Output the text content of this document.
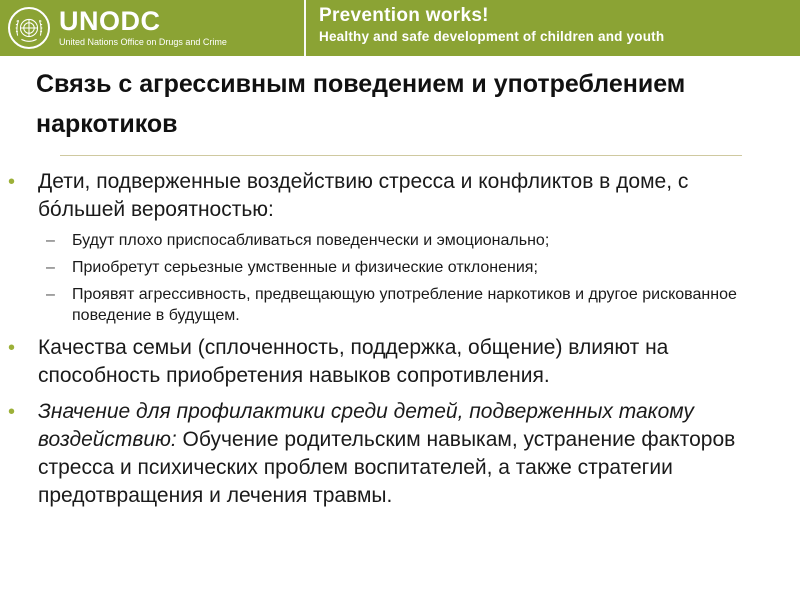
UNODC
United Nations Office on Drugs and Crime
Prevention works!
Healthy and safe development of children and youth
Связь с агрессивным поведением и употреблением наркотиков
• Дети, подверженные воздействию стресса и конфликтов в доме, с бóльшей вероятностью:
– Будут плохо приспосабливаться поведенчески и эмоционально;
– Приобретут серьезные умственные и физические отклонения;
– Проявят агрессивность, предвещающую употребление наркотиков и другое рискованное поведение в будущем.
• Качества семьи (сплоченность, поддержка, общение) влияют на способность приобретения навыков сопротивления.
• Значение для профилактики среди детей, подверженных такому воздействию: Обучение родительским навыкам, устранение факторов стресса и психических проблем воспитателей, а также стратегии предотвращения и лечения травмы.
